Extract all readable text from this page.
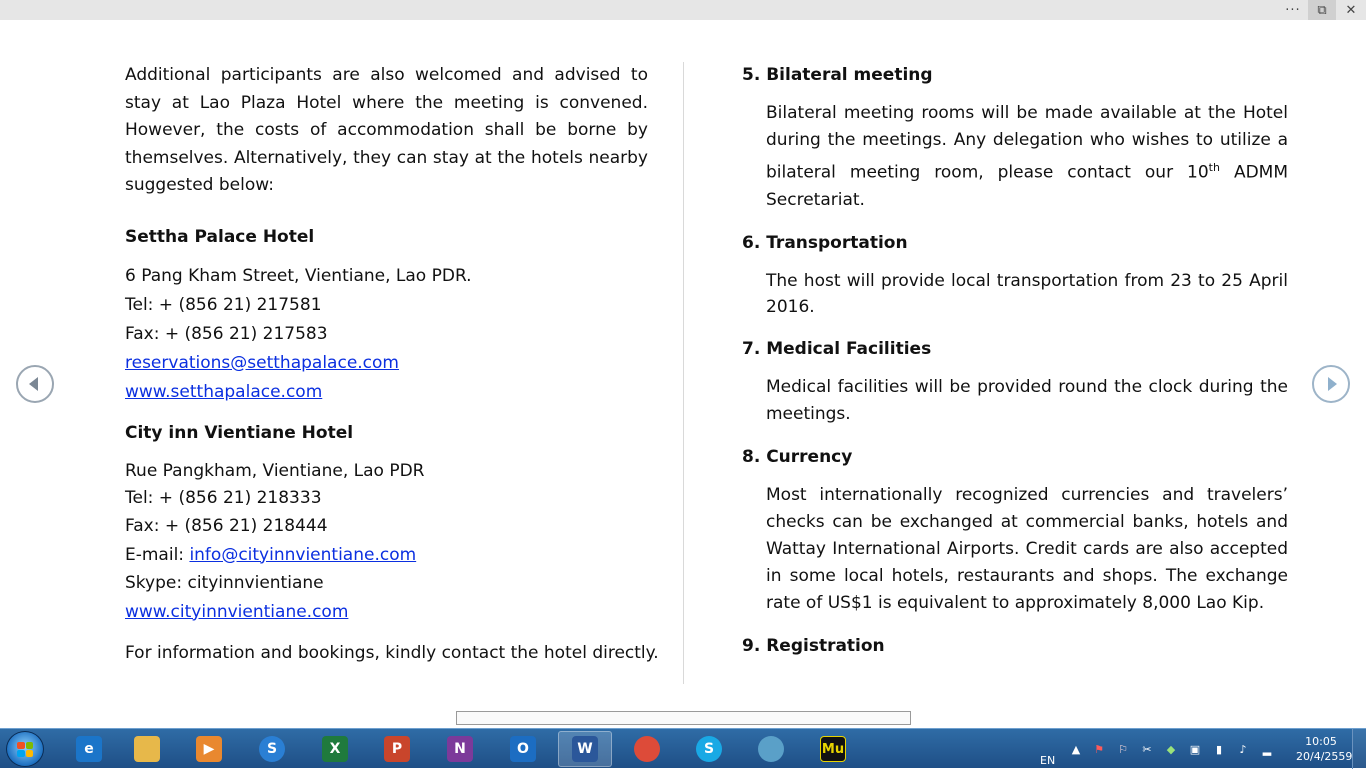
··· ⧉ ✕

Additional participants are also welcomed and advised to stay at Lao Plaza Hotel where the meeting is convened. However, the costs of accommodation shall be borne by themselves. Alternatively, they can stay at the hotels nearby suggested below:

Settha Palace Hotel

6 Pang Kham Street, Vientiane, Lao PDR.
Tel: + (856 21) 217581
Fax: + (856 21) 217583
reservations@setthapalace.com
www.setthapalace.com

City inn Vientiane Hotel

Rue Pangkham, Vientiane, Lao PDR
Tel: + (856 21) 218333
Fax: + (856 21) 218444
E-mail: info@cityinnvientiane.com
Skype: cityinnvientiane
www.cityinnvientiane.com

For information and bookings, kindly contact the hotel directly.

5. Bilateral meeting

Bilateral meeting rooms will be made available at the Hotel during the meetings. Any delegation who wishes to utilize a bilateral meeting room, please contact our 10th ADMM Secretariat.

6. Transportation

The host will provide local transportation from 23 to 25 April 2016.

7. Medical Facilities

Medical facilities will be provided round the clock during the meetings.

8. Currency

Most internationally recognized currencies and travelers’ checks can be exchanged at commercial banks, hotels and Wattay International Airports. Credit cards are also accepted in some local hotels, restaurants and shops. The exchange rate of US$1 is equivalent to approximately 8,000 Lao Kip.

9. Registration

e	▶	S	X	P	N	O	W	S	Mu
EN
▲ ⚑ ⚐ ✂ ◆ ▣	▮	♪	▂
10:05
20/4/2559
